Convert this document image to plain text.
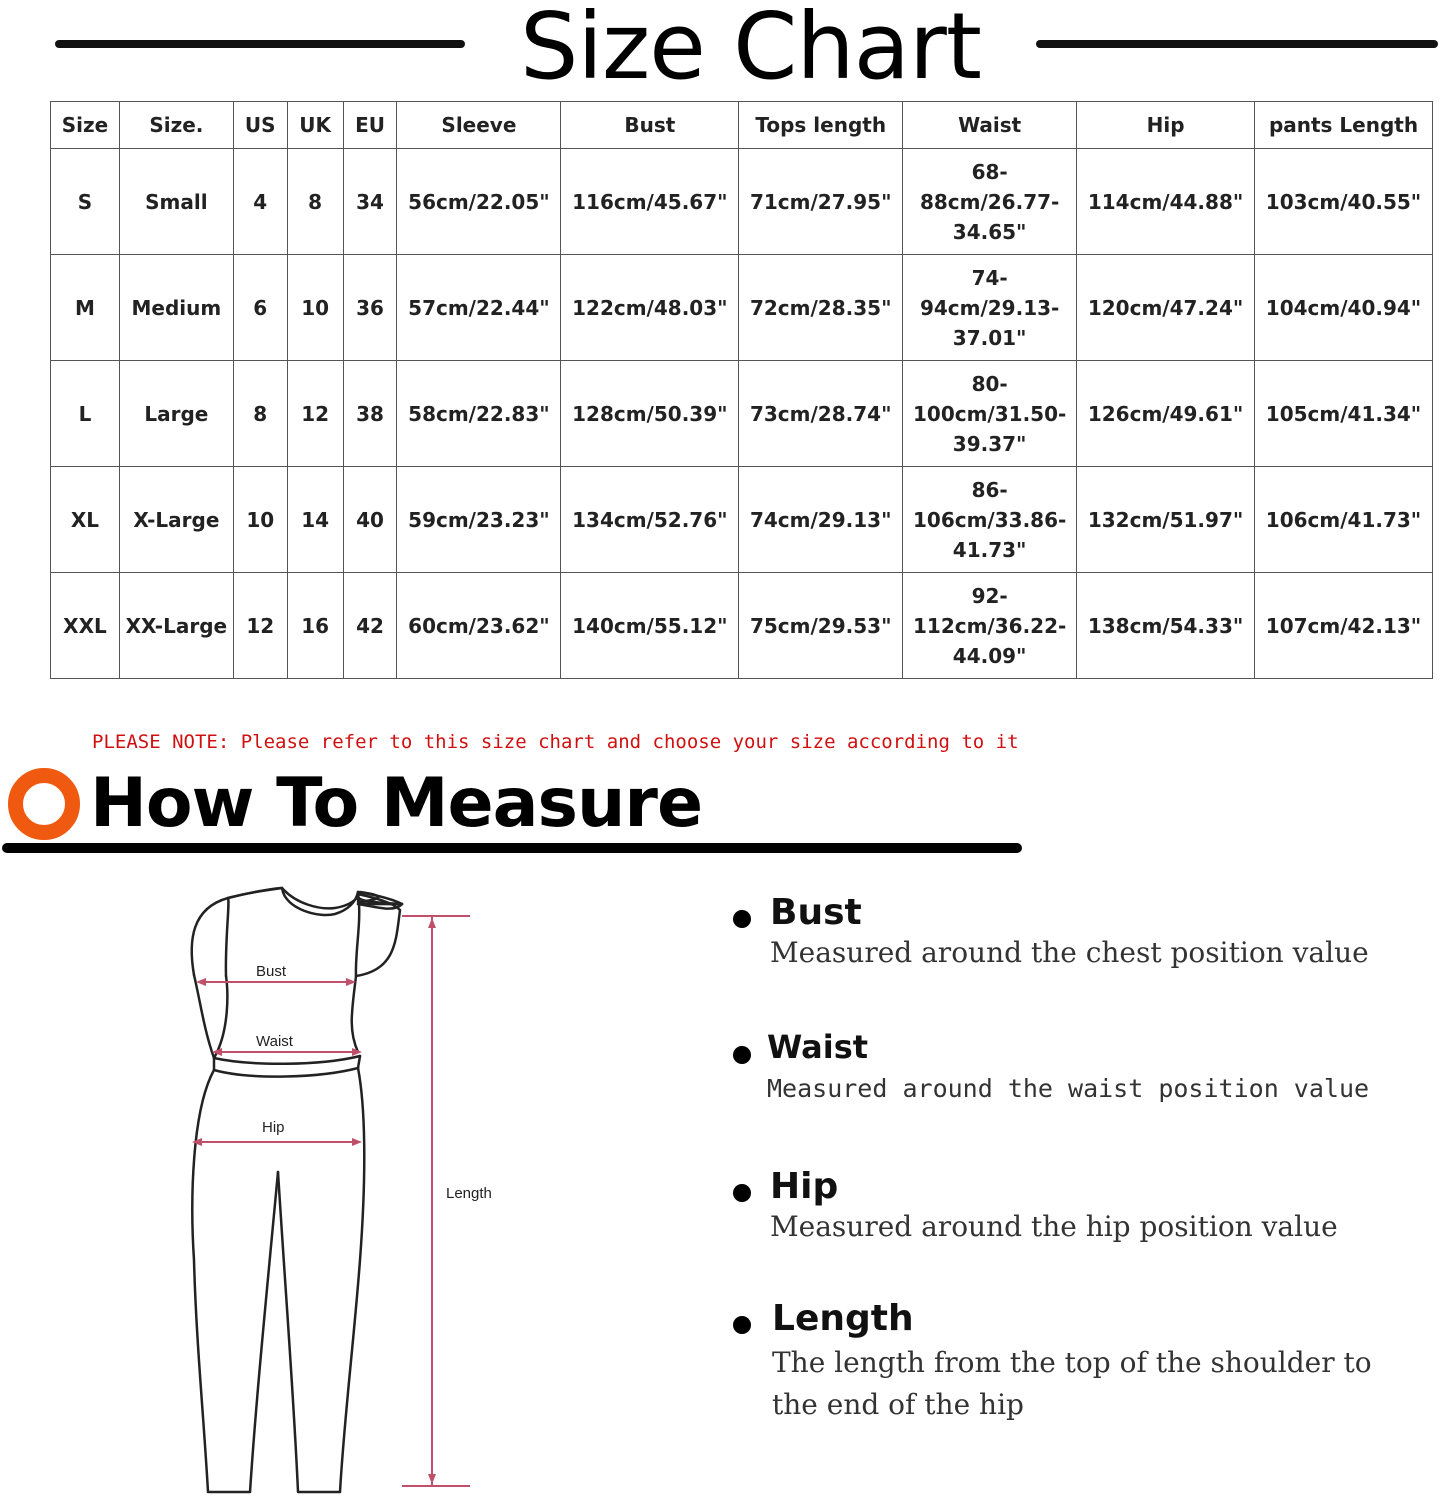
Size Chart
Size	Size.	US	UK	EU	Sleeve	Bust	Tops length	Waist	Hip	pants Length
S	Small	4	8	34	56cm/22.05"	116cm/45.67"	71cm/27.95"	68-88cm/26.77-34.65"	114cm/44.88"	103cm/40.55"
M	Medium	6	10	36	57cm/22.44"	122cm/48.03"	72cm/28.35"	74-94cm/29.13-37.01"	120cm/47.24"	104cm/40.94"
L	Large	8	12	38	58cm/22.83"	128cm/50.39"	73cm/28.74"	80-100cm/31.50-39.37"	126cm/49.61"	105cm/41.34"
XL	X-Large	10	14	40	59cm/23.23"	134cm/52.76"	74cm/29.13"	86-106cm/33.86-41.73"	132cm/51.97"	106cm/41.73"
XXL	XX-Large	12	16	42	60cm/23.62"	140cm/55.12"	75cm/29.53"	92-112cm/36.22-44.09"	138cm/54.33"	107cm/42.13"
PLEASE NOTE: Please refer to this size chart and choose your size according to it
How To Measure
Bust
Waist
Hip
Length
Bust
Measured around the chest position value
Waist
Measured around the waist position value
Hip
Measured around the hip position value
Length
The length from the top of the shoulder to
the end of the hip
